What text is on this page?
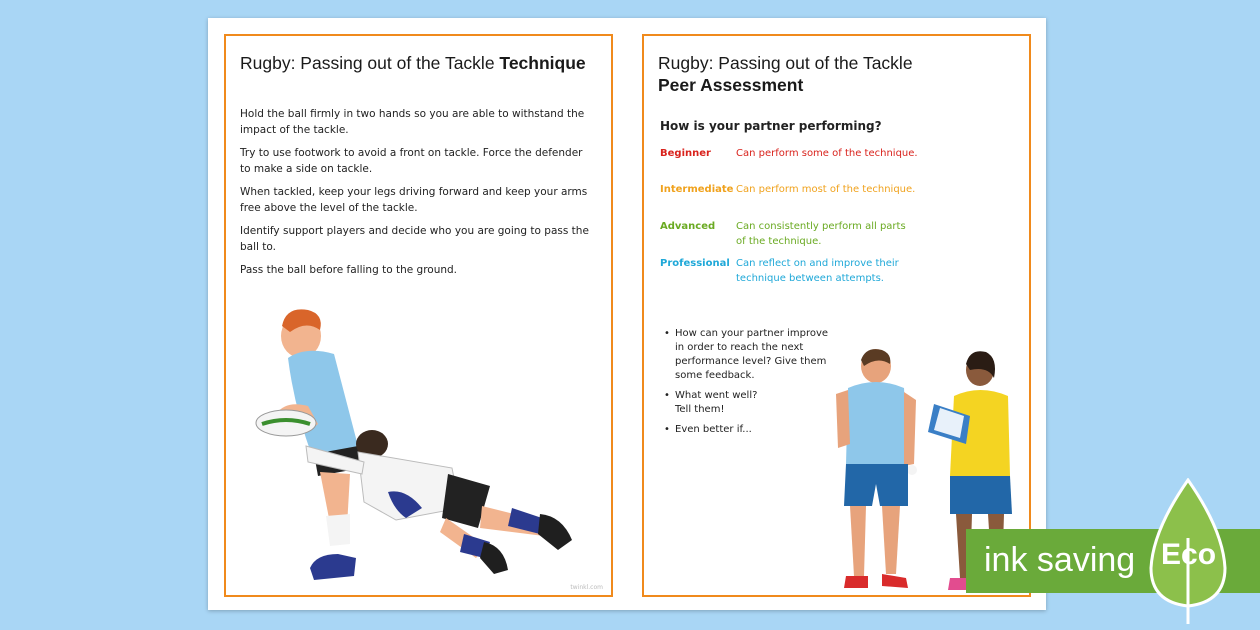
Rugby: Passing out of the Tackle Technique

Hold the ball firmly in two hands so you are able to withstand the impact of the tackle.

Try to use footwork to avoid a front on tackle. Force the defender to make a side on tackle.

When tackled, keep your legs driving forward and keep your arms free above the level of the tackle.

Identify support players and decide who you are going to pass the ball to.

Pass the ball before falling to the ground.

twinkl.com
Rugby: Passing out of the Tackle
Peer Assessment
How is your partner performing?
Beginner	Can perform some of the technique.
Intermediate Can perform most of the technique.
Advanced	Can consistently perform all parts of the technique.
Professional Can reflect on and improve their technique between attempts.
• How can your partner improve in order to reach the next performance level? Give them some feedback.
• What went well? Tell them!
• Even better if...
ink saving Eco
